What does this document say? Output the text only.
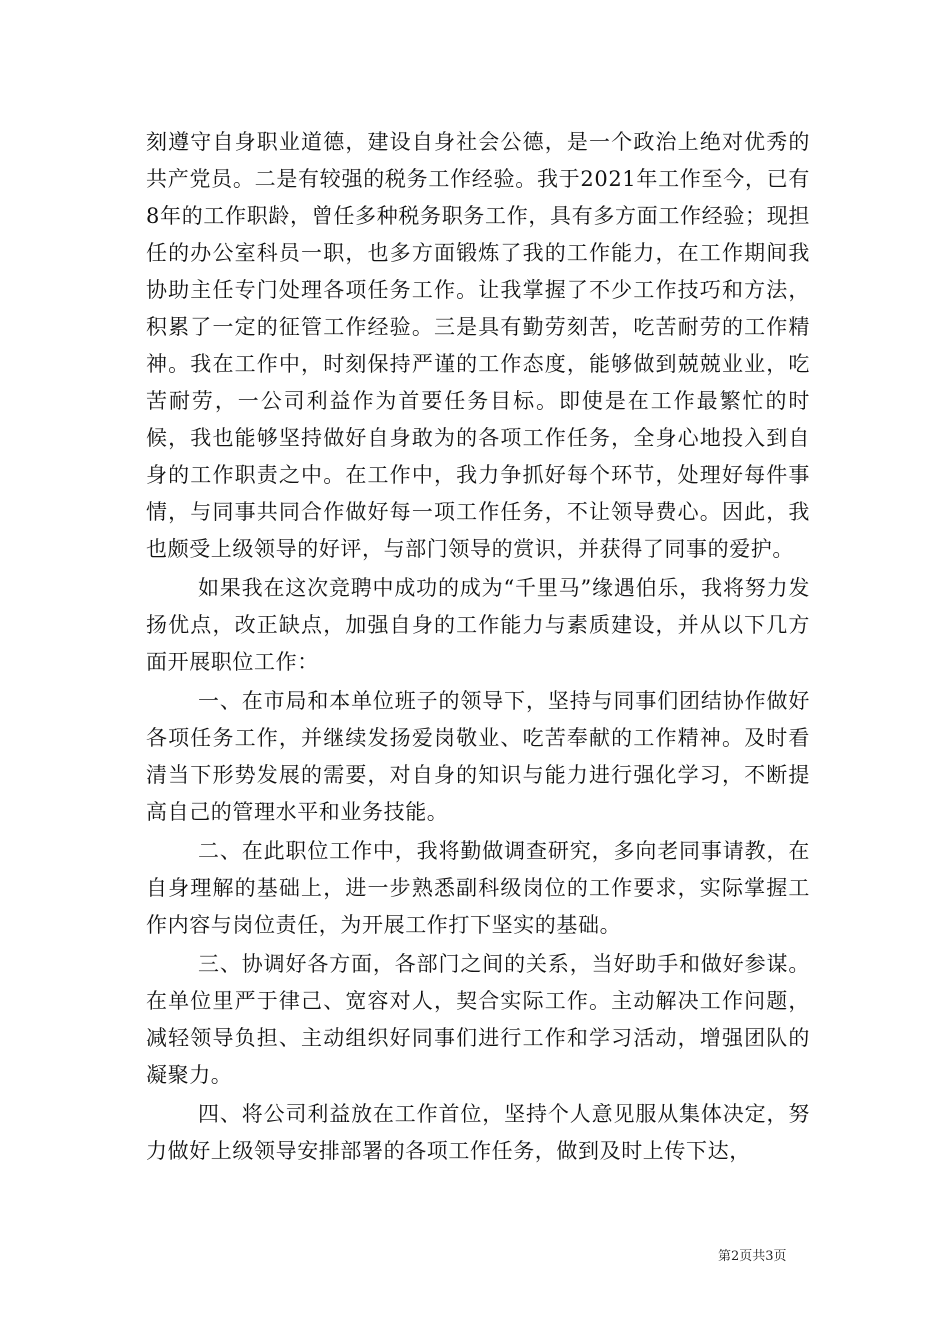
刻遵守自身职业道德，建设自身社会公德，是一个政治上绝对优秀的共产党员。二是有较强的税务工作经验。我于2021年工作至今，已有8年的工作职龄，曾任多种税务职务工作，具有多方面工作经验；现担任的办公室科员一职，也多方面锻炼了我的工作能力，在工作期间我协助主任专门处理各项任务工作。让我掌握了不少工作技巧和方法，积累了一定的征管工作经验。三是具有勤劳刻苦，吃苦耐劳的工作精神。我在工作中，时刻保持严谨的工作态度，能够做到兢兢业业，吃苦耐劳，一公司利益作为首要任务目标。即使是在工作最繁忙的时候，我也能够坚持做好自身敢为的各项工作任务，全身心地投入到自身的工作职责之中。在工作中，我力争抓好每个环节，处理好每件事情，与同事共同合作做好每一项工作任务，不让领导费心。因此，我也颇受上级领导的好评，与部门领导的赏识，并获得了同事的爱护。

如果我在这次竞聘中成功的成为“千里马”缘遇伯乐，我将努力发扬优点，改正缺点，加强自身的工作能力与素质建设，并从以下几方面开展职位工作：

一、在市局和本单位班子的领导下，坚持与同事们团结协作做好各项任务工作，并继续发扬爱岗敬业、吃苦奉献的工作精神。及时看清当下形势发展的需要，对自身的知识与能力进行强化学习，不断提高自己的管理水平和业务技能。

二、在此职位工作中，我将勤做调查研究，多向老同事请教，在自身理解的基础上，进一步熟悉副科级岗位的工作要求，实际掌握工作内容与岗位责任，为开展工作打下坚实的基础。

三、协调好各方面，各部门之间的关系，当好助手和做好参谋。在单位里严于律己、宽容对人，契合实际工作。主动解决工作问题，减轻领导负担、主动组织好同事们进行工作和学习活动，增强团队的凝聚力。

四、将公司利益放在工作首位，坚持个人意见服从集体决定，努力做好上级领导安排部署的各项工作任务，做到及时上传下达，

第2页共3页
